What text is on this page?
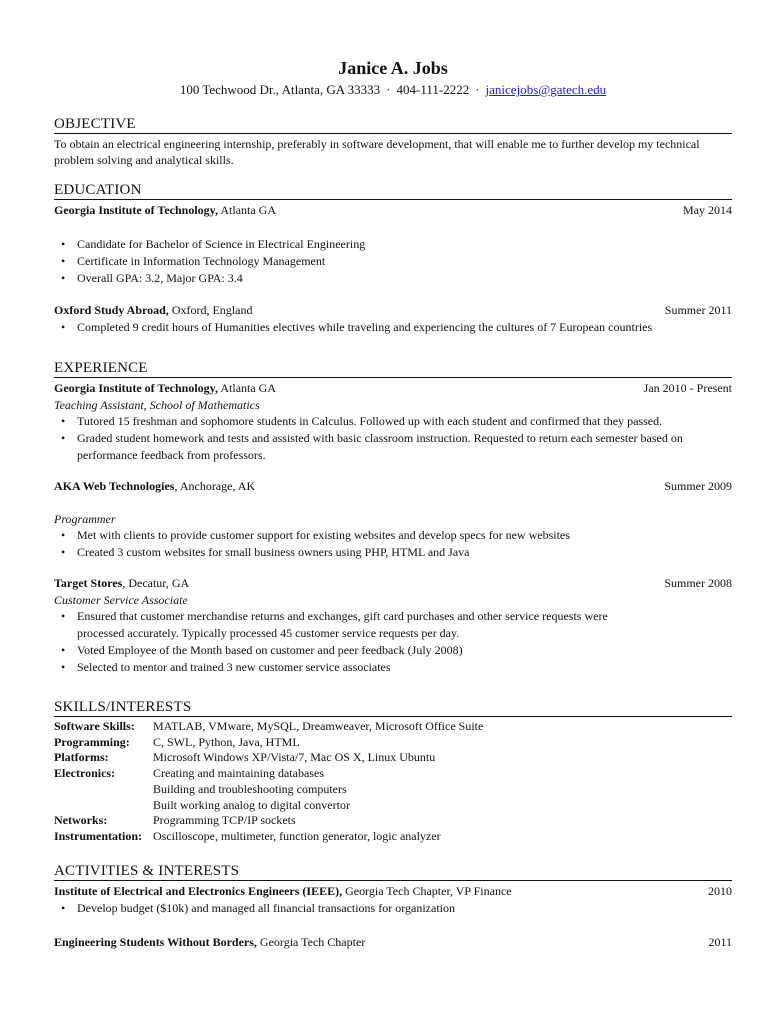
Janice A. Jobs
100 Techwood Dr., Atlanta, GA 33333 · 404-111-2222 · janicejobs@gatech.edu
OBJECTIVE
To obtain an electrical engineering internship, preferably in software development, that will enable me to further develop my technical problem solving and analytical skills.
EDUCATION
Georgia Institute of Technology, Atlanta GA	May 2014
• Candidate for Bachelor of Science in Electrical Engineering
• Certificate in Information Technology Management
• Overall GPA: 3.2, Major GPA: 3.4
Oxford Study Abroad, Oxford, England	Summer 2011
• Completed 9 credit hours of Humanities electives while traveling and experiencing the cultures of 7 European countries
EXPERIENCE
Georgia Institute of Technology, Atlanta GA	Jan 2010 - Present
Teaching Assistant, School of Mathematics
• Tutored 15 freshman and sophomore students in Calculus. Followed up with each student and confirmed that they passed.
• Graded student homework and tests and assisted with basic classroom instruction. Requested to return each semester based on performance feedback from professors.
AKA Web Technologies, Anchorage, AK	Summer 2009
Programmer
• Met with clients to provide customer support for existing websites and develop specs for new websites
• Created 3 custom websites for small business owners using PHP, HTML and Java
Target Stores, Decatur, GA	Summer 2008
Customer Service Associate
• Ensured that customer merchandise returns and exchanges, gift card purchases and other service requests were processed accurately. Typically processed 45 customer service requests per day.
• Voted Employee of the Month based on customer and peer feedback (July 2008)
• Selected to mentor and trained 3 new customer service associates
SKILLS/INTERESTS
Software Skills:	MATLAB, VMware, MySQL, Dreamweaver, Microsoft Office Suite
Programming:	C, SWL, Python, Java, HTML
Platforms:	Microsoft Windows XP/Vista/7, Mac OS X, Linux Ubuntu
Electronics:	Creating and maintaining databases
Building and troubleshooting computers
Built working analog to digital convertor
Networks:	Programming TCP/IP sockets
Instrumentation: Oscilloscope, multimeter, function generator, logic analyzer
ACTIVITIES & INTERESTS
Institute of Electrical and Electronics Engineers (IEEE), Georgia Tech Chapter, VP Finance	2010
• Develop budget ($10k) and managed all financial transactions for organization
Engineering Students Without Borders, Georgia Tech Chapter	2011
